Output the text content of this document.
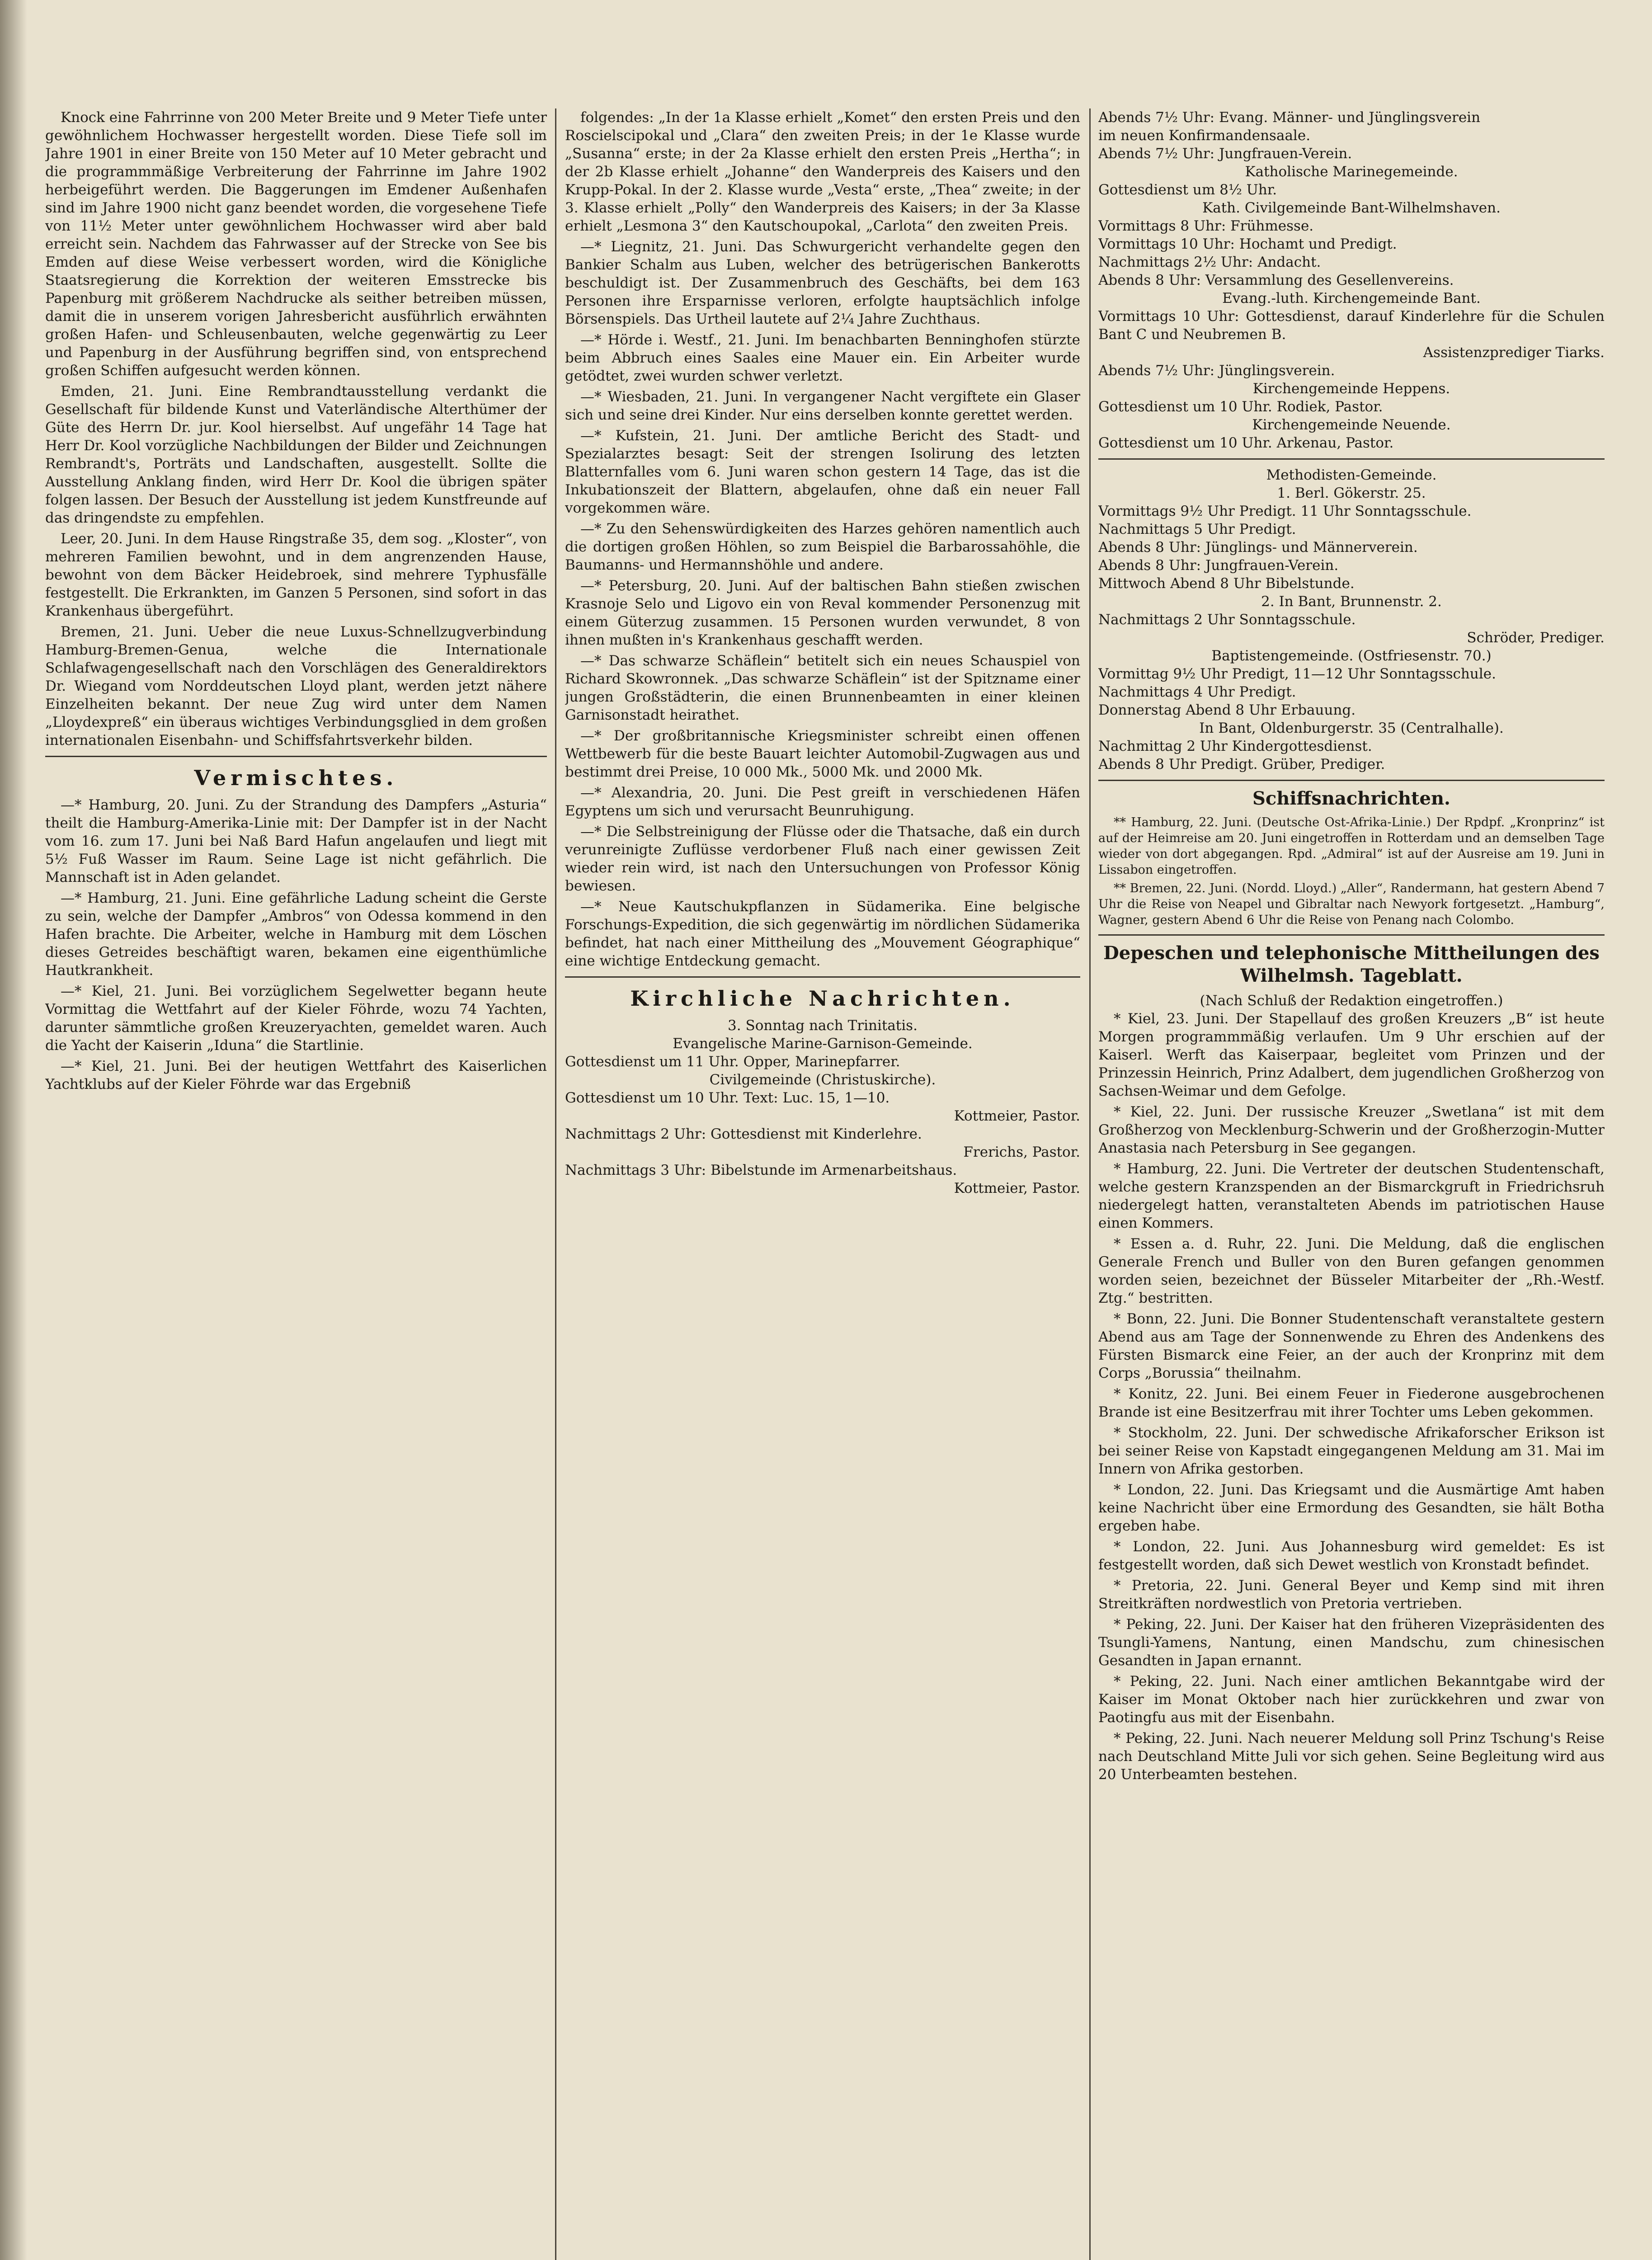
Knock eine Fahrrinne von 200 Meter Breite und 9 Meter Tiefe unter gewöhnlichem Hochwasser hergestellt worden. Diese Tiefe soll im Jahre 1901 in einer Breite von 150 Meter auf 10 Meter gebracht und die programmmäßige Verbreiterung der Fahrrinne im Jahre 1902 herbeigeführt werden. Die Baggerungen im Emdener Außenhafen sind im Jahre 1900 nicht ganz beendet worden, die vorgesehene Tiefe von 11½ Meter unter gewöhnlichem Hochwasser wird aber bald erreicht sein. Nachdem das Fahrwasser auf der Strecke von See bis Emden auf diese Weise verbessert worden, wird die Königliche Staatsregierung die Korrektion der weiteren Emsstrecke bis Papenburg mit größerem Nachdrucke als seither betreiben müssen, damit die in unserem vorigen Jahresbericht ausführlich erwähnten großen Hafen- und Schleusenbauten, welche gegenwärtig zu Leer und Papenburg in der Ausführung begriffen sind, von entsprechend großen Schiffen aufgesucht werden können.

Emden, 21. Juni. Eine Rembrandtausstellung verdankt die Gesellschaft für bildende Kunst und Vaterländische Alterthümer der Güte des Herrn Dr. jur. Kool hierselbst. Auf ungefähr 14 Tage hat Herr Dr. Kool vorzügliche Nachbildungen der Bilder und Zeichnungen Rembrandt's, Porträts und Landschaften, ausgestellt. Sollte die Ausstellung Anklang finden, wird Herr Dr. Kool die übrigen später folgen lassen. Der Besuch der Ausstellung ist jedem Kunstfreunde auf das dringendste zu empfehlen.

Leer, 20. Juni. In dem Hause Ringstraße 35, dem sog. „Kloster“, von mehreren Familien bewohnt, und in dem angrenzenden Hause, bewohnt von dem Bäcker Heidebroek, sind mehrere Typhusfälle festgestellt. Die Erkrankten, im Ganzen 5 Personen, sind sofort in das Krankenhaus übergeführt.

Bremen, 21. Juni. Ueber die neue Luxus-Schnellzugverbindung Hamburg-Bremen-Genua, welche die Internationale Schlafwagengesellschaft nach den Vorschlägen des Generaldirektors Dr. Wiegand vom Norddeutschen Lloyd plant, werden jetzt nähere Einzelheiten bekannt. Der neue Zug wird unter dem Namen „Lloydexpreß“ ein überaus wichtiges Verbindungsglied in dem großen internationalen Eisenbahn- und Schiffsfahrtsverkehr bilden.

Vermischtes.

—* Hamburg, 20. Juni. Zu der Strandung des Dampfers „Asturia“ theilt die Hamburg-Amerika-Linie mit: Der Dampfer ist in der Nacht vom 16. zum 17. Juni bei Naß Bard Hafun angelaufen und liegt mit 5½ Fuß Wasser im Raum. Seine Lage ist nicht gefährlich. Die Mannschaft ist in Aden gelandet.

—* Hamburg, 21. Juni. Eine gefährliche Ladung scheint die Gerste zu sein, welche der Dampfer „Ambros“ von Odessa kommend in den Hafen brachte. Die Arbeiter, welche in Hamburg mit dem Löschen dieses Getreides beschäftigt waren, bekamen eine eigenthümliche Hautkrankheit.

—* Kiel, 21. Juni. Bei vorzüglichem Segelwetter begann heute Vormittag die Wettfahrt auf der Kieler Föhrde, wozu 74 Yachten, darunter sämmtliche großen Kreuzeryachten, gemeldet waren. Auch die Yacht der Kaiserin „Iduna“ die Startlinie.

—* Kiel, 21. Juni. Bei der heutigen Wettfahrt des Kaiserlichen Yachtklubs auf der Kieler Föhrde war das Ergebniß

folgendes: „In der 1a Klasse erhielt „Komet“ den ersten Preis und den Roscielscipokal und „Clara“ den zweiten Preis; in der 1e Klasse wurde „Susanna“ erste; in der 2a Klasse erhielt den ersten Preis „Hertha“; in der 2b Klasse erhielt „Johanne“ den Wanderpreis des Kaisers und den Krupp-Pokal. In der 2. Klasse wurde „Vesta“ erste, „Thea“ zweite; in der 3. Klasse erhielt „Polly“ den Wanderpreis des Kaisers; in der 3a Klasse erhielt „Lesmona 3“ den Kautschoupokal, „Carlota“ den zweiten Preis.

—* Liegnitz, 21. Juni. Das Schwurgericht verhandelte gegen den Bankier Schalm aus Luben, welcher des betrügerischen Bankerotts beschuldigt ist. Der Zusammenbruch des Geschäfts, bei dem 163 Personen ihre Ersparnisse verloren, erfolgte hauptsächlich infolge Börsenspiels. Das Urtheil lautete auf 2¼ Jahre Zuchthaus.

—* Hörde i. Westf., 21. Juni. Im benachbarten Benninghofen stürzte beim Abbruch eines Saales eine Mauer ein. Ein Arbeiter wurde getödtet, zwei wurden schwer verletzt.

—* Wiesbaden, 21. Juni. In vergangener Nacht vergiftete ein Glaser sich und seine drei Kinder. Nur eins derselben konnte gerettet werden.

—* Kufstein, 21. Juni. Der amtliche Bericht des Stadt- und Spezialarztes besagt: Seit der strengen Isolirung des letzten Blatternfalles vom 6. Juni waren schon gestern 14 Tage, das ist die Inkubationszeit der Blattern, abgelaufen, ohne daß ein neuer Fall vorgekommen wäre.

—* Zu den Sehenswürdigkeiten des Harzes gehören namentlich auch die dortigen großen Höhlen, so zum Beispiel die Barbarossahöhle, die Baumanns- und Hermannshöhle und andere.

—* Petersburg, 20. Juni. Auf der baltischen Bahn stießen zwischen Krasnoje Selo und Ligovo ein von Reval kommender Personenzug mit einem Güterzug zusammen. 15 Personen wurden verwundet, 8 von ihnen mußten in's Krankenhaus geschafft werden.

—* Das schwarze Schäflein“ betitelt sich ein neues Schauspiel von Richard Skowronnek. „Das schwarze Schäflein“ ist der Spitzname einer jungen Großstädterin, die einen Brunnenbeamten in einer kleinen Garnisonstadt heirathet.

—* Der großbritannische Kriegsminister schreibt einen offenen Wettbewerb für die beste Bauart leichter Automobil-Zugwagen aus und bestimmt drei Preise, 10 000 Mk., 5000 Mk. und 2000 Mk.

—* Alexandria, 20. Juni. Die Pest greift in verschiedenen Häfen Egyptens um sich und verursacht Beunruhigung.

—* Die Selbstreinigung der Flüsse oder die Thatsache, daß ein durch verunreinigte Zuflüsse verdorbener Fluß nach einer gewissen Zeit wieder rein wird, ist nach den Untersuchungen von Professor König bewiesen.

—* Neue Kautschukpflanzen in Südamerika. Eine belgische Forschungs-Expedition, die sich gegenwärtig im nördlichen Südamerika befindet, hat nach einer Mittheilung des „Mouvement Géographique“ eine wichtige Entdeckung gemacht.

Kirchliche Nachrichten.

3. Sonntag nach Trinitatis.

Evangelische Marine-Garnison-Gemeinde.

Gottesdienst um 11 Uhr. Opper, Marinepfarrer.

Civilgemeinde (Christuskirche).

Gottesdienst um 10 Uhr. Text: Luc. 15, 1—10.

Kottmeier, Pastor.

Nachmittags 2 Uhr: Gottesdienst mit Kinderlehre.

Frerichs, Pastor.

Nachmittags 3 Uhr: Bibelstunde im Armenarbeitshaus.

Kottmeier, Pastor.

Abends 7½ Uhr: Evang. Männer- und Jünglingsverein

im neuen Konfirmandensaale.

Abends 7½ Uhr: Jungfrauen-Verein.

Katholische Marinegemeinde.

Gottesdienst um 8½ Uhr.

Kath. Civilgemeinde Bant-Wilhelmshaven.

Vormittags 8 Uhr: Frühmesse.

Vormittags 10 Uhr: Hochamt und Predigt.

Nachmittags 2½ Uhr: Andacht.

Abends 8 Uhr: Versammlung des Gesellenvereins.

Evang.-luth. Kirchengemeinde Bant.

Vormittags 10 Uhr: Gottesdienst, darauf Kinderlehre für die Schulen Bant C und Neubremen B.

Assistenzprediger Tiarks.

Abends 7½ Uhr: Jünglingsverein.

Kirchengemeinde Heppens.

Gottesdienst um 10 Uhr. Rodiek, Pastor.

Kirchengemeinde Neuende.

Gottesdienst um 10 Uhr. Arkenau, Pastor.

Methodisten-Gemeinde.

1. Berl. Gökerstr. 25.

Vormittags 9½ Uhr Predigt. 11 Uhr Sonntagsschule.

Nachmittags 5 Uhr Predigt.

Abends 8 Uhr: Jünglings- und Männerverein.

Abends 8 Uhr: Jungfrauen-Verein.

Mittwoch Abend 8 Uhr Bibelstunde.

2. In Bant, Brunnenstr. 2.

Nachmittags 2 Uhr Sonntagsschule.

Schröder, Prediger.

Baptistengemeinde. (Ostfriesenstr. 70.)

Vormittag 9½ Uhr Predigt, 11—12 Uhr Sonntagsschule.

Nachmittags 4 Uhr Predigt.

Donnerstag Abend 8 Uhr Erbauung.

In Bant, Oldenburgerstr. 35 (Centralhalle).

Nachmittag 2 Uhr Kindergottesdienst.

Abends 8 Uhr Predigt. Grüber, Prediger.

Schiffsnachrichten.

** Hamburg, 22. Juni. (Deutsche Ost-Afrika-Linie.) Der Rpdpf. „Kronprinz“ ist auf der Heimreise am 20. Juni eingetroffen in Rotterdam und an demselben Tage wieder von dort abgegangen. Rpd. „Admiral“ ist auf der Ausreise am 19. Juni in Lissabon eingetroffen.

** Bremen, 22. Juni. (Nordd. Lloyd.) „Aller“, Randermann, hat gestern Abend 7 Uhr die Reise von Neapel und Gibraltar nach Newyork fortgesetzt. „Hamburg“, Wagner, gestern Abend 6 Uhr die Reise von Penang nach Colombo.

Depeschen und telephonische Mittheilungen des Wilhelmsh. Tageblatt.

(Nach Schluß der Redaktion eingetroffen.)

* Kiel, 23. Juni. Der Stapellauf des großen Kreuzers „B“ ist heute Morgen programmmäßig verlaufen. Um 9 Uhr erschien auf der Kaiserl. Werft das Kaiserpaar, begleitet vom Prinzen und der Prinzessin Heinrich, Prinz Adalbert, dem jugendlichen Großherzog von Sachsen-Weimar und dem Gefolge.

* Kiel, 22. Juni. Der russische Kreuzer „Swetlana“ ist mit dem Großherzog von Mecklenburg-Schwerin und der Großherzogin-Mutter Anastasia nach Petersburg in See gegangen.

* Hamburg, 22. Juni. Die Vertreter der deutschen Studentenschaft, welche gestern Kranzspenden an der Bismarckgruft in Friedrichsruh niedergelegt hatten, veranstalteten Abends im patriotischen Hause einen Kommers.

* Essen a. d. Ruhr, 22. Juni. Die Meldung, daß die englischen Generale French und Buller von den Buren gefangen genommen worden seien, bezeichnet der Büsseler Mitarbeiter der „Rh.-Westf. Ztg.“ bestritten.

* Bonn, 22. Juni. Die Bonner Studentenschaft veranstaltete gestern Abend aus am Tage der Sonnenwende zu Ehren des Andenkens des Fürsten Bismarck eine Feier, an der auch der Kronprinz mit dem Corps „Borussia“ theilnahm.

* Konitz, 22. Juni. Bei einem Feuer in Fiederone ausgebrochenen Brande ist eine Besitzerfrau mit ihrer Tochter ums Leben gekommen.

* Stockholm, 22. Juni. Der schwedische Afrikaforscher Erikson ist bei seiner Reise von Kapstadt eingegangenen Meldung am 31. Mai im Innern von Afrika gestorben.

* London, 22. Juni. Das Kriegsamt und die Ausmärtige Amt haben keine Nachricht über eine Ermordung des Gesandten, sie hält Botha ergeben habe.

* London, 22. Juni. Aus Johannesburg wird gemeldet: Es ist festgestellt worden, daß sich Dewet westlich von Kronstadt befindet.

* Pretoria, 22. Juni. General Beyer und Kemp sind mit ihren Streitkräften nordwestlich von Pretoria vertrieben.

* Peking, 22. Juni. Der Kaiser hat den früheren Vizepräsidenten des Tsungli-Yamens, Nantung, einen Mandschu, zum chinesischen Gesandten in Japan ernannt.

* Peking, 22. Juni. Nach einer amtlichen Bekanntgabe wird der Kaiser im Monat Oktober nach hier zurückkehren und zwar von Paotingfu aus mit der Eisenbahn.

* Peking, 22. Juni. Nach neuerer Meldung soll Prinz Tschung's Reise nach Deutschland Mitte Juli vor sich gehen. Seine Begleitung wird aus 20 Unterbeamten bestehen.
